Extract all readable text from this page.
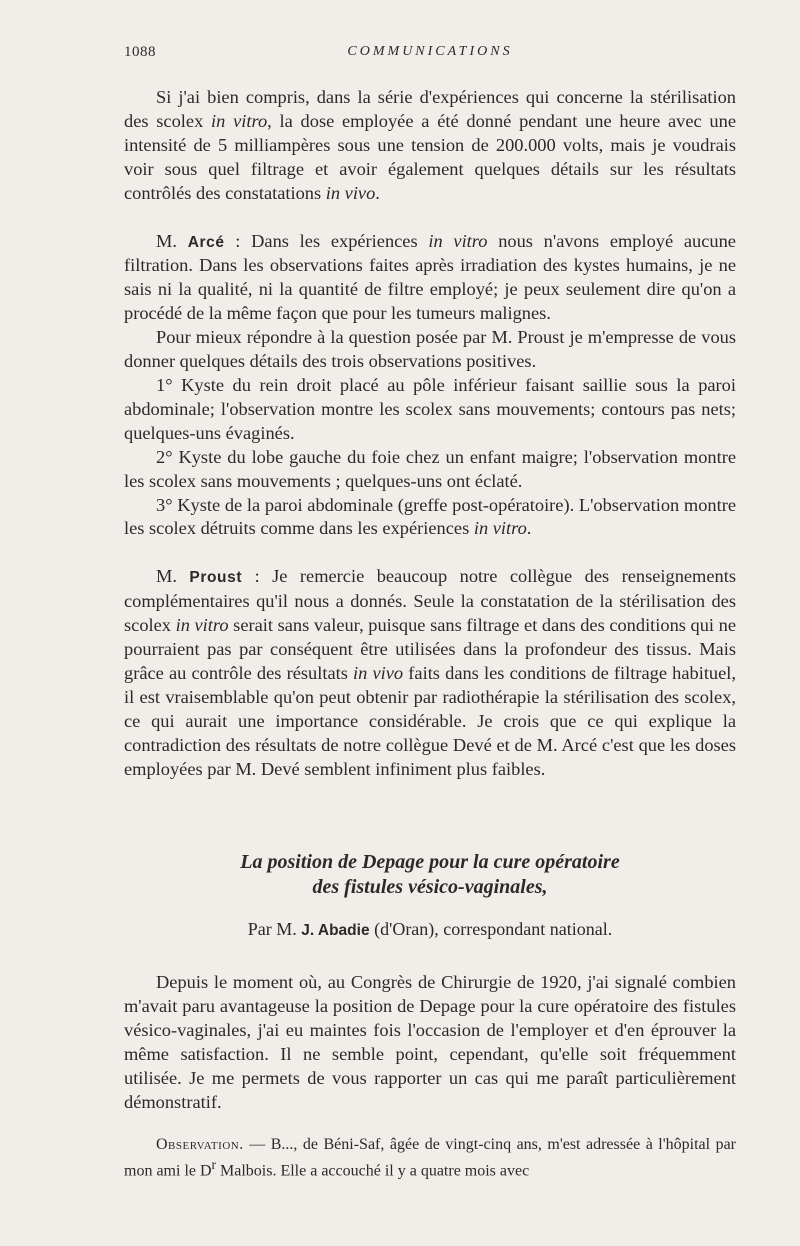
1088	COMMUNICATIONS

Si j'ai bien compris, dans la série d'expériences qui concerne la stérilisation des scolex in vitro, la dose employée a été donné pendant une heure avec une intensité de 5 milliampères sous une tension de 200.000 volts, mais je voudrais voir sous quel filtrage et avoir également quelques détails sur les résultats contrôlés des constatations in vivo.

M. Arcé : Dans les expériences in vitro nous n'avons employé aucune filtration. Dans les observations faites après irradiation des kystes humains, je ne sais ni la qualité, ni la quantité de filtre employé; je peux seulement dire qu'on a procédé de la même façon que pour les tumeurs malignes.

Pour mieux répondre à la question posée par M. Proust je m'empresse de vous donner quelques détails des trois observations positives.

1° Kyste du rein droit placé au pôle inférieur faisant saillie sous la paroi abdominale; l'observation montre les scolex sans mouvements; contours pas nets; quelques-uns évaginés.

2° Kyste du lobe gauche du foie chez un enfant maigre; l'observation montre les scolex sans mouvements ; quelques-uns ont éclaté.

3° Kyste de la paroi abdominale (greffe post-opératoire). L'observation montre les scolex détruits comme dans les expériences in vitro.

M. Proust : Je remercie beaucoup notre collègue des renseignements complémentaires qu'il nous a donnés. Seule la constatation de la stérilisation des scolex in vitro serait sans valeur, puisque sans filtrage et dans des conditions qui ne pourraient pas par conséquent être utilisées dans la profondeur des tissus. Mais grâce au contrôle des résultats in vivo faits dans les conditions de filtrage habituel, il est vraisemblable qu'on peut obtenir par radiothérapie la stérilisation des scolex, ce qui aurait une importance considérable. Je crois que ce qui explique la contradiction des résultats de notre collègue Devé et de M. Arcé c'est que les doses employées par M. Devé semblent infiniment plus faibles.

La position de Depage pour la cure opératoire
des fistules vésico-vaginales,
Par M. J. Abadie (d'Oran), correspondant national.

Depuis le moment où, au Congrès de Chirurgie de 1920, j'ai signalé combien m'avait paru avantageuse la position de Depage pour la cure opératoire des fistules vésico-vaginales, j'ai eu maintes fois l'occasion de l'employer et d'en éprouver la même satisfaction. Il ne semble point, cependant, qu'elle soit fréquemment utilisée. Je me permets de vous rapporter un cas qui me paraît particulièrement démonstratif.

Observation. — B..., de Béni-Saf, âgée de vingt-cinq ans, m'est adressée à l'hôpital par mon ami le $D^r$ Malbois. Elle a accouché il y a quatre mois avec
